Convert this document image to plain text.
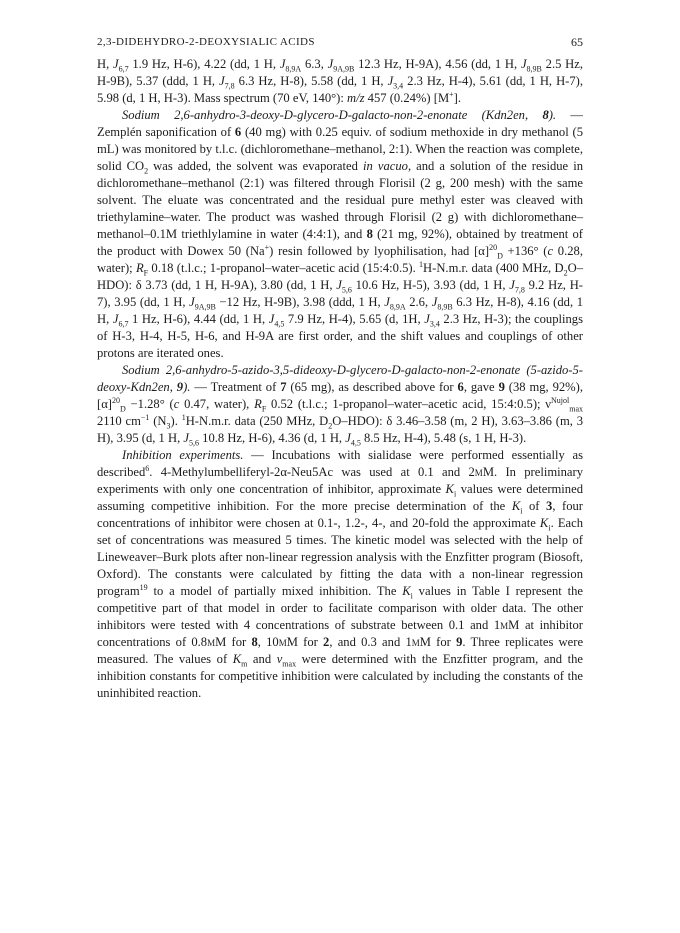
2,3-DIDEHYDRO-2-DEOXYSIALIC ACIDS	65

H, $J_{6,7}$ 1.9 Hz, H-6), 4.22 (dd, 1 H, $J_{8,9A}$ 6.3, $J_{9A,9B}$ 12.3 Hz, H-9A), 4.56 (dd, 1 H, $J_{8,9B}$ 2.5 Hz, H-9B), 5.37 (ddd, 1 H, $J_{7,8}$ 6.3 Hz, H-8), 5.58 (dd, 1 H, $J_{3,4}$ 2.3 Hz, H-4), 5.61 (dd, 1 H, H-7), 5.98 (d, 1 H, H-3). Mass spectrum (70 eV, 140°): m/z 457 (0.24%) [M+].

Sodium 2,6-anhydro-3-deoxy-D-glycero-D-galacto-non-2-enonate (Kdn2en, 8). — Zemplén saponification of 6 (40 mg) with 0.25 equiv. of sodium methoxide in dry methanol (5 mL) was monitored by t.l.c. (dichloromethane–methanol, 2:1). When the reaction was complete, solid $CO_2$ was added, the solvent was evaporated in vacuo, and a solution of the residue in dichloromethane–methanol (2:1) was filtered through Florisil (2 g, 200 mesh) with the same solvent. The eluate was concentrated and the residual pure methyl ester was cleaved with triethylamine–water. The product was washed through Florisil (2 g) with dichloromethane–methanol–0.1M triethlylamine in water (4:4:1), and 8 (21 mg, 92%), obtained by treatment of the product with Dowex 50 (Na+) resin followed by lyophilisation, had $[\alpha]^{20}_D +136^\circ$ (c 0.28, water); $R_F$ 0.18 (t.l.c.; 1-propanol–water–acetic acid (15:4:0.5). $^1$H-N.m.r. data (400 MHz, $D_2O-HDO$): δ 3.73 (dd, 1 H, H-9A), 3.80 (dd, 1 H, $J_{5,6}$ 10.6 Hz, H-5), 3.93 (dd, 1 H, $J_{7,8}$ 9.2 Hz, H-7), 3.95 (dd, 1 H, $J_{9A,9B} -12$ Hz, H-9B), 3.98 (ddd, 1 H, $J_{8,9A}$ 2.6, $J_{8,9B}$ 6.3 Hz, H-8), 4.16 (dd, 1 H, $J_{6,7}$ 1 Hz, H-6), 4.44 (dd, 1 H, $J_{4,5}$ 7.9 Hz, H-4), 5.65 (d, 1H, $J_{3,4}$ 2.3 Hz, H-3); the couplings of H-3, H-4, H-5, H-6, and H-9A are first order, and the shift values and couplings of other protons are iterated ones.

Sodium 2,6-anhydro-5-azido-3,5-dideoxy-D-glycero-D-galacto-non-2-enonate (5-azido-5-deoxy-Kdn2en, 9). — Treatment of 7 (65 mg), as described above for 6, gave 9 (38 mg, 92%), $[\alpha]^{20}_D -1.28^\circ$ (c 0.47, water), $R_F$ 0.52 (t.l.c.; 1-propanol–water–acetic acid, 15:4:0.5); $\nu^{Nujol}_{max}$ 2110 $cm^{-1}$ $(N_3)$. $^1$H-N.m.r. data (250 MHz, $D_2O-HDO$): δ 3.46–3.58 (m, 2 H), 3.63–3.86 (m, 3 H), 3.95 (d, 1 H, $J_{5,6}$ 10.8 Hz, H-6), 4.36 (d, 1 H, $J_{4,5}$ 8.5 Hz, H-4), 5.48 (s, 1 H, H-3).

Inhibition experiments. — Incubations with sialidase were performed essentially as described$^6$. 4-Methylumbelliferyl-2α-Neu5Ac was used at 0.1 and 2mM. In preliminary experiments with only one concentration of inhibitor, approximate $K_i$ values were determined assuming competitive inhibition. For the more precise determination of the $K_i$ of 3, four concentrations of inhibitor were chosen at 0.1-, 1.2-, 4-, and 20-fold the approximate $K_i$. Each set of concentrations was measured 5 times. The kinetic model was selected with the help of Lineweaver–Burk plots after non-linear regression analysis with the Enzfitter program (Biosoft, Oxford). The constants were calculated by fitting the data with a non-linear regression program$^{19}$ to a model of partially mixed inhibition. The $K_i$ values in Table I represent the competitive part of that model in order to facilitate comparison with older data. The other inhibitors were tested with 4 concentrations of substrate between 0.1 and 1mM at inhibitor concentrations of 0.8mM for 8, 10mM for 2, and 0.3 and 1mM for 9. Three replicates were measured. The values of $K_m$ and $v_{max}$ were determined with the Enzfitter program, and the inhibition constants for competitive inhibition were calculated by including the constants of the uninhibited reaction.
